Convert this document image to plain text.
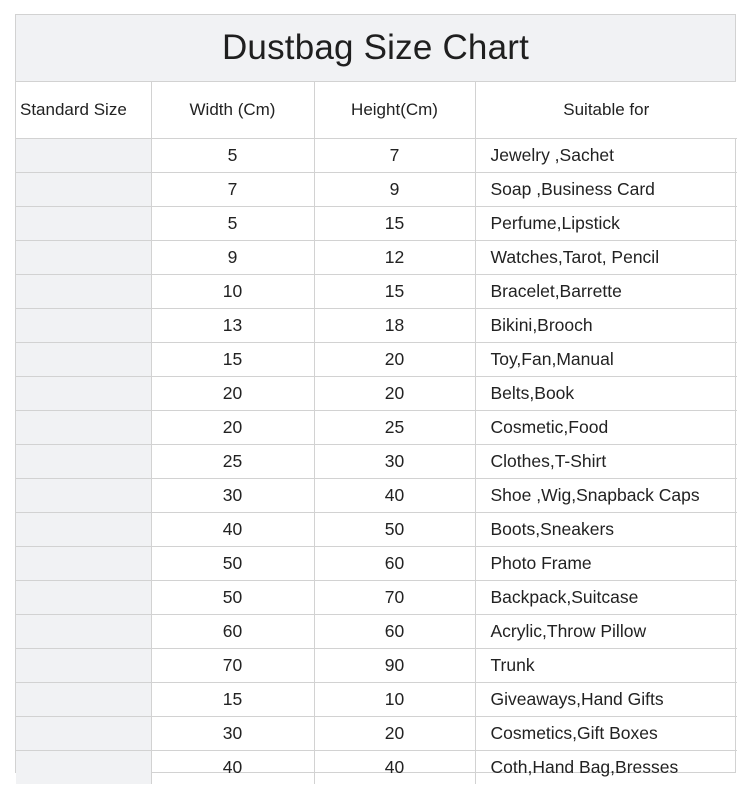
Dustbag Size Chart
Standard Size	Width (Cm)	Height(Cm)	Suitable for
	5	7	Jewelry ,Sachet
	7	9	Soap ,Business Card
	5	15	Perfume,Lipstick
	9	12	Watches,Tarot, Pencil
	10	15	Bracelet,Barrette
	13	18	Bikini,Brooch
	15	20	Toy,Fan,Manual
	20	20	Belts,Book
	20	25	Cosmetic,Food
	25	30	Clothes,T-Shirt
	30	40	Shoe ,Wig,Snapback Caps
	40	50	Boots,Sneakers
	50	60	Photo Frame
	50	70	Backpack,Suitcase
	60	60	Acrylic,Throw Pillow
	70	90	Trunk
	15	10	Giveaways,Hand Gifts
	30	20	Cosmetics,Gift Boxes
	40	40	Coth,Hand Bag,Bresses
